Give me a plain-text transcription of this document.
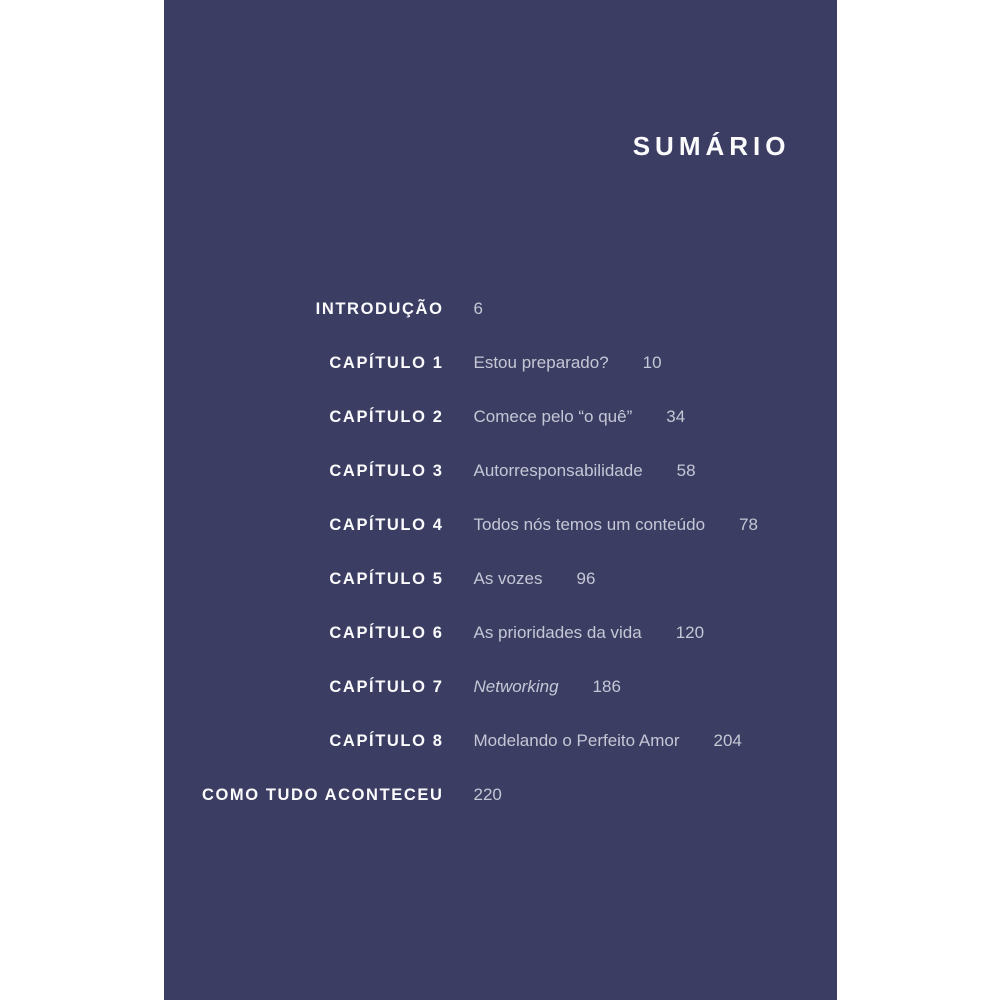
SUMÁRIO
INTRODUÇÃO 6
CAPÍTULO 1 Estou preparado? 10
CAPÍTULO 2 Comece pelo “o quê” 34
CAPÍTULO 3 Autorresponsabilidade 58
CAPÍTULO 4 Todos nós temos um conteúdo 78
CAPÍTULO 5 As vozes 96
CAPÍTULO 6 As prioridades da vida 120
CAPÍTULO 7 Networking 186
CAPÍTULO 8 Modelando o Perfeito Amor 204
COMO TUDO ACONTECEU 220
